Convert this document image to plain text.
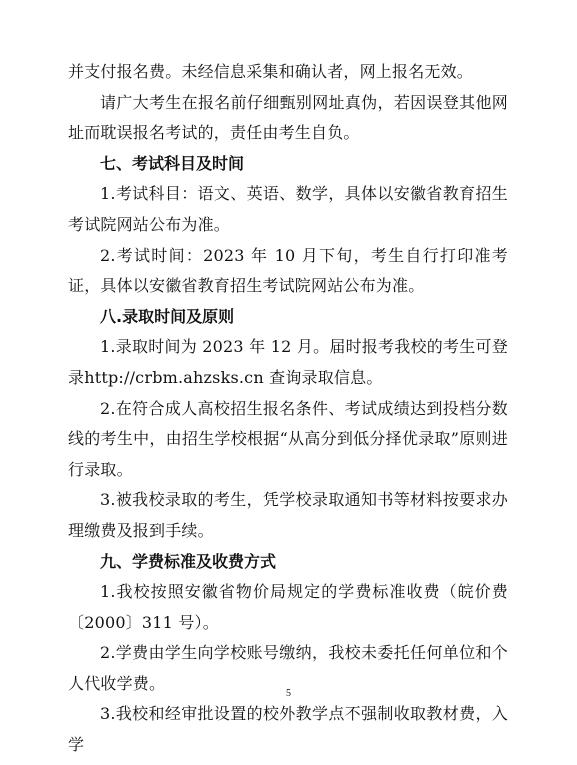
并支付报名费。未经信息采集和确认者，网上报名无效。

请广大考生在报名前仔细甄别网址真伪，若因误登其他网址而耽误报名考试的，责任由考生自负。

七、考试科目及时间

1.考试科目：语文、英语、数学，具体以安徽省教育招生考试院网站公布为准。

2.考试时间：2023 年 10 月下旬，考生自行打印准考证，具体以安徽省教育招生考试院网站公布为准。

八.录取时间及原则

1.录取时间为 2023 年 12 月。届时报考我校的考生可登录http://crbm.ahzsks.cn 查询录取信息。

2.在符合成人高校招生报名条件、考试成绩达到投档分数线的考生中，由招生学校根据“从高分到低分择优录取”原则进行录取。

3.被我校录取的考生，凭学校录取通知书等材料按要求办理缴费及报到手续。

九、学费标准及收费方式

1.我校按照安徽省物价局规定的学费标准收费（皖价费〔2000〕311 号）。

2.学费由学生向学校账号缴纳，我校未委托任何单位和个人代收学费。

3.我校和经审批设置的校外教学点不强制收取教材费，入学

5
